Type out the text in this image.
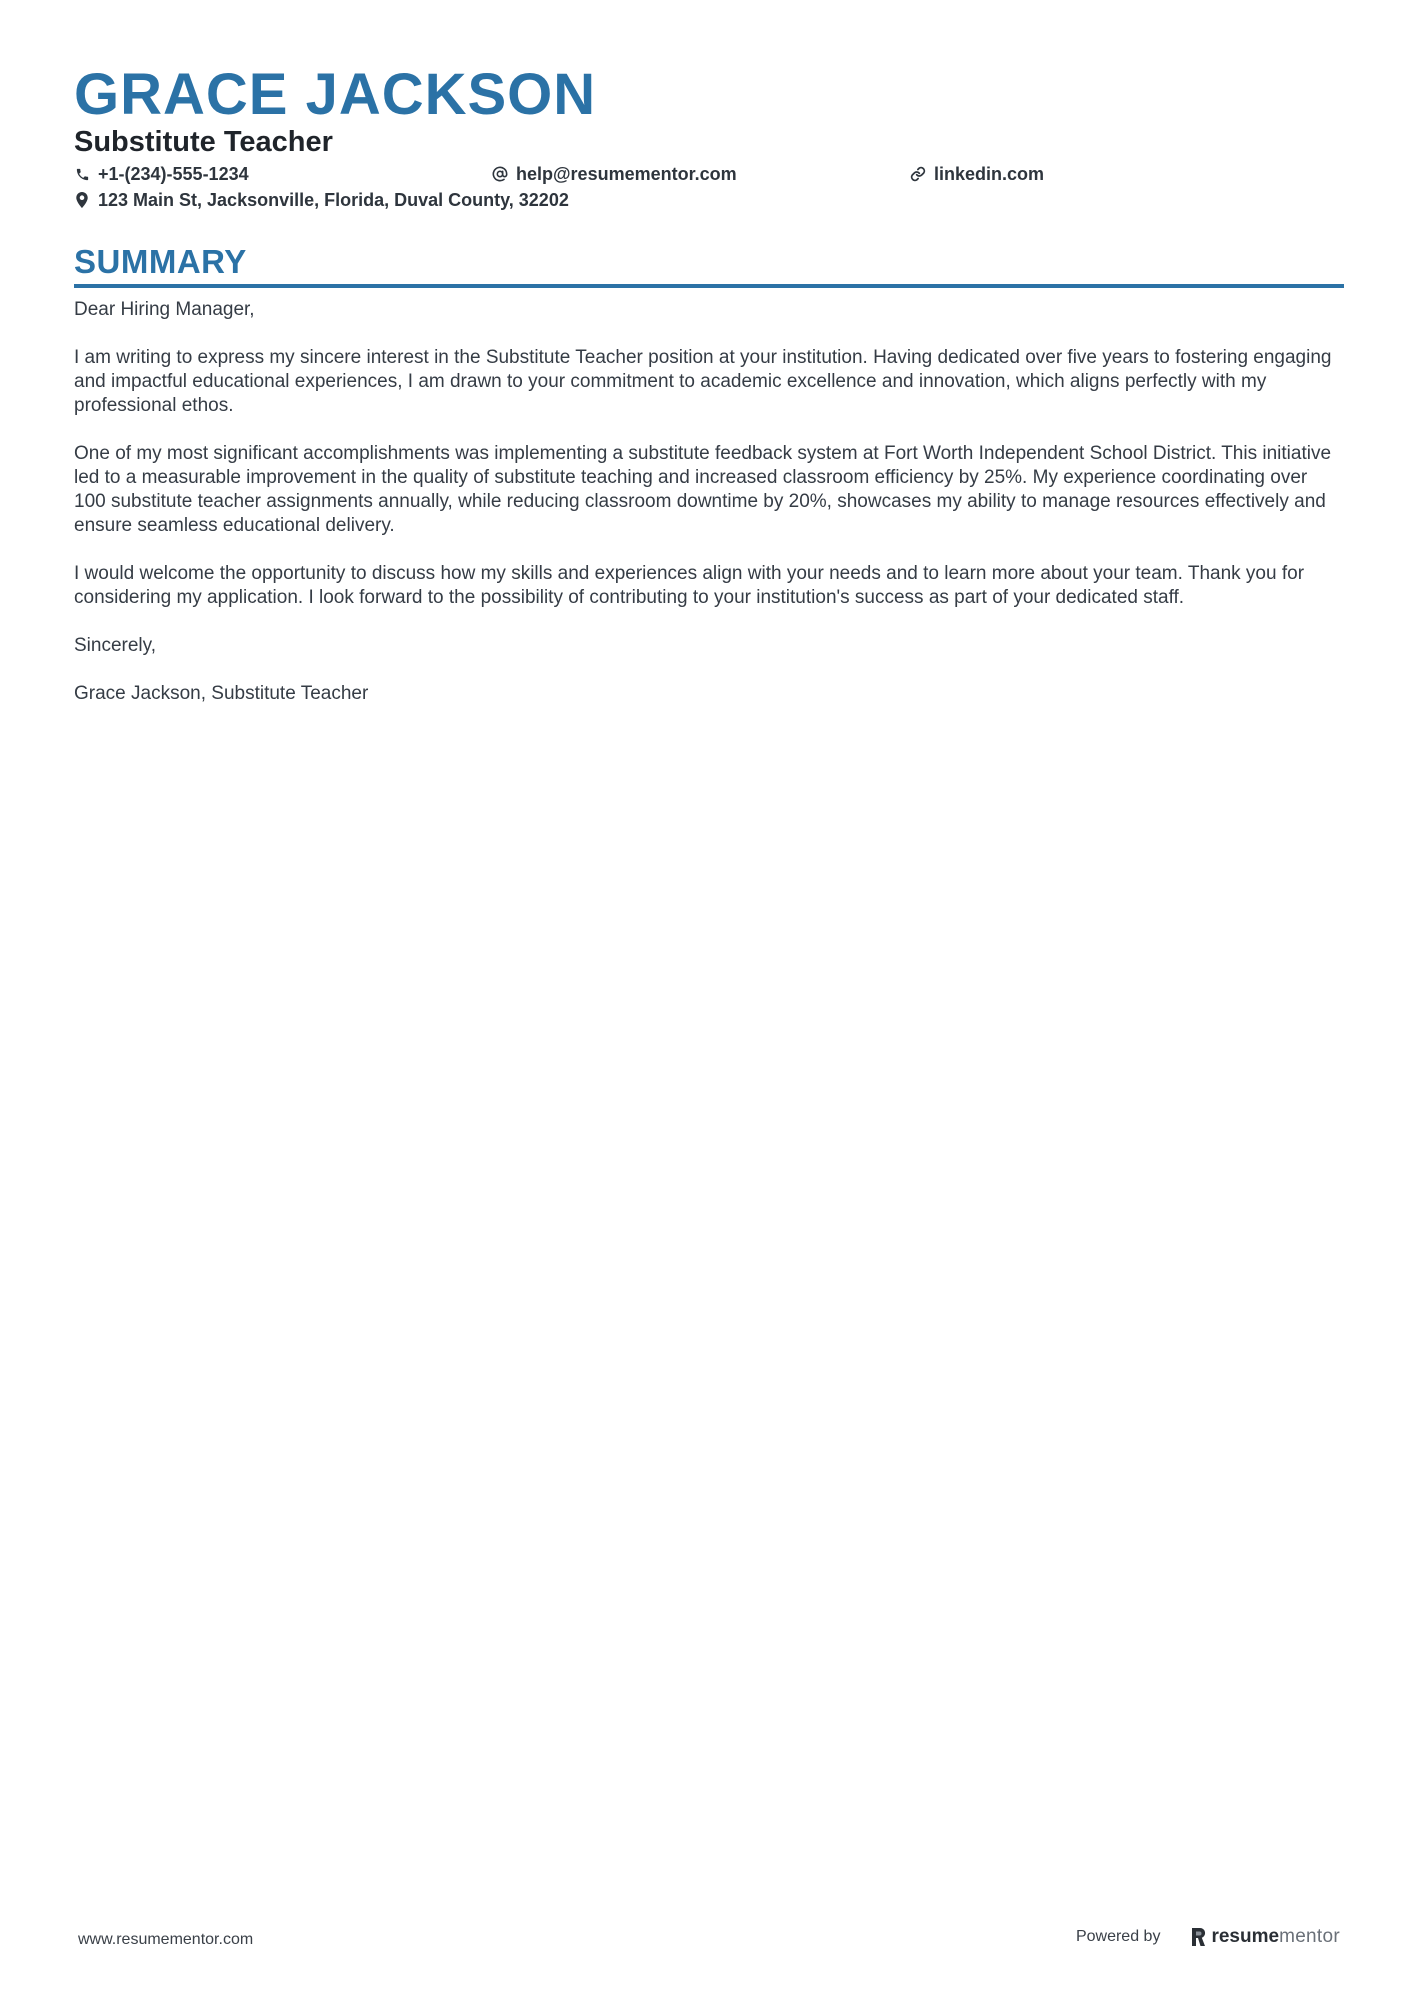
GRACE JACKSON
Substitute Teacher
+1-(234)-555-1234	help@resumementor.com	linkedin.com
123 Main St, Jacksonville, Florida, Duval County, 32202
SUMMARY

Dear Hiring Manager,

I am writing to express my sincere interest in the Substitute Teacher position at your institution. Having dedicated over five years to fostering engaging and impactful educational experiences, I am drawn to your commitment to academic excellence and innovation, which aligns perfectly with my professional ethos.

One of my most significant accomplishments was implementing a substitute feedback system at Fort Worth Independent School District. This initiative led to a measurable improvement in the quality of substitute teaching and increased classroom efficiency by 25%. My experience coordinating over 100 substitute teacher assignments annually, while reducing classroom downtime by 20%, showcases my ability to manage resources effectively and ensure seamless educational delivery.

I would welcome the opportunity to discuss how my skills and experiences align with your needs and to learn more about your team. Thank you for considering my application. I look forward to the possibility of contributing to your institution's success as part of your dedicated staff.

Sincerely,

Grace Jackson, Substitute Teacher

www.resumementor.com	Powered by	resume mentor
